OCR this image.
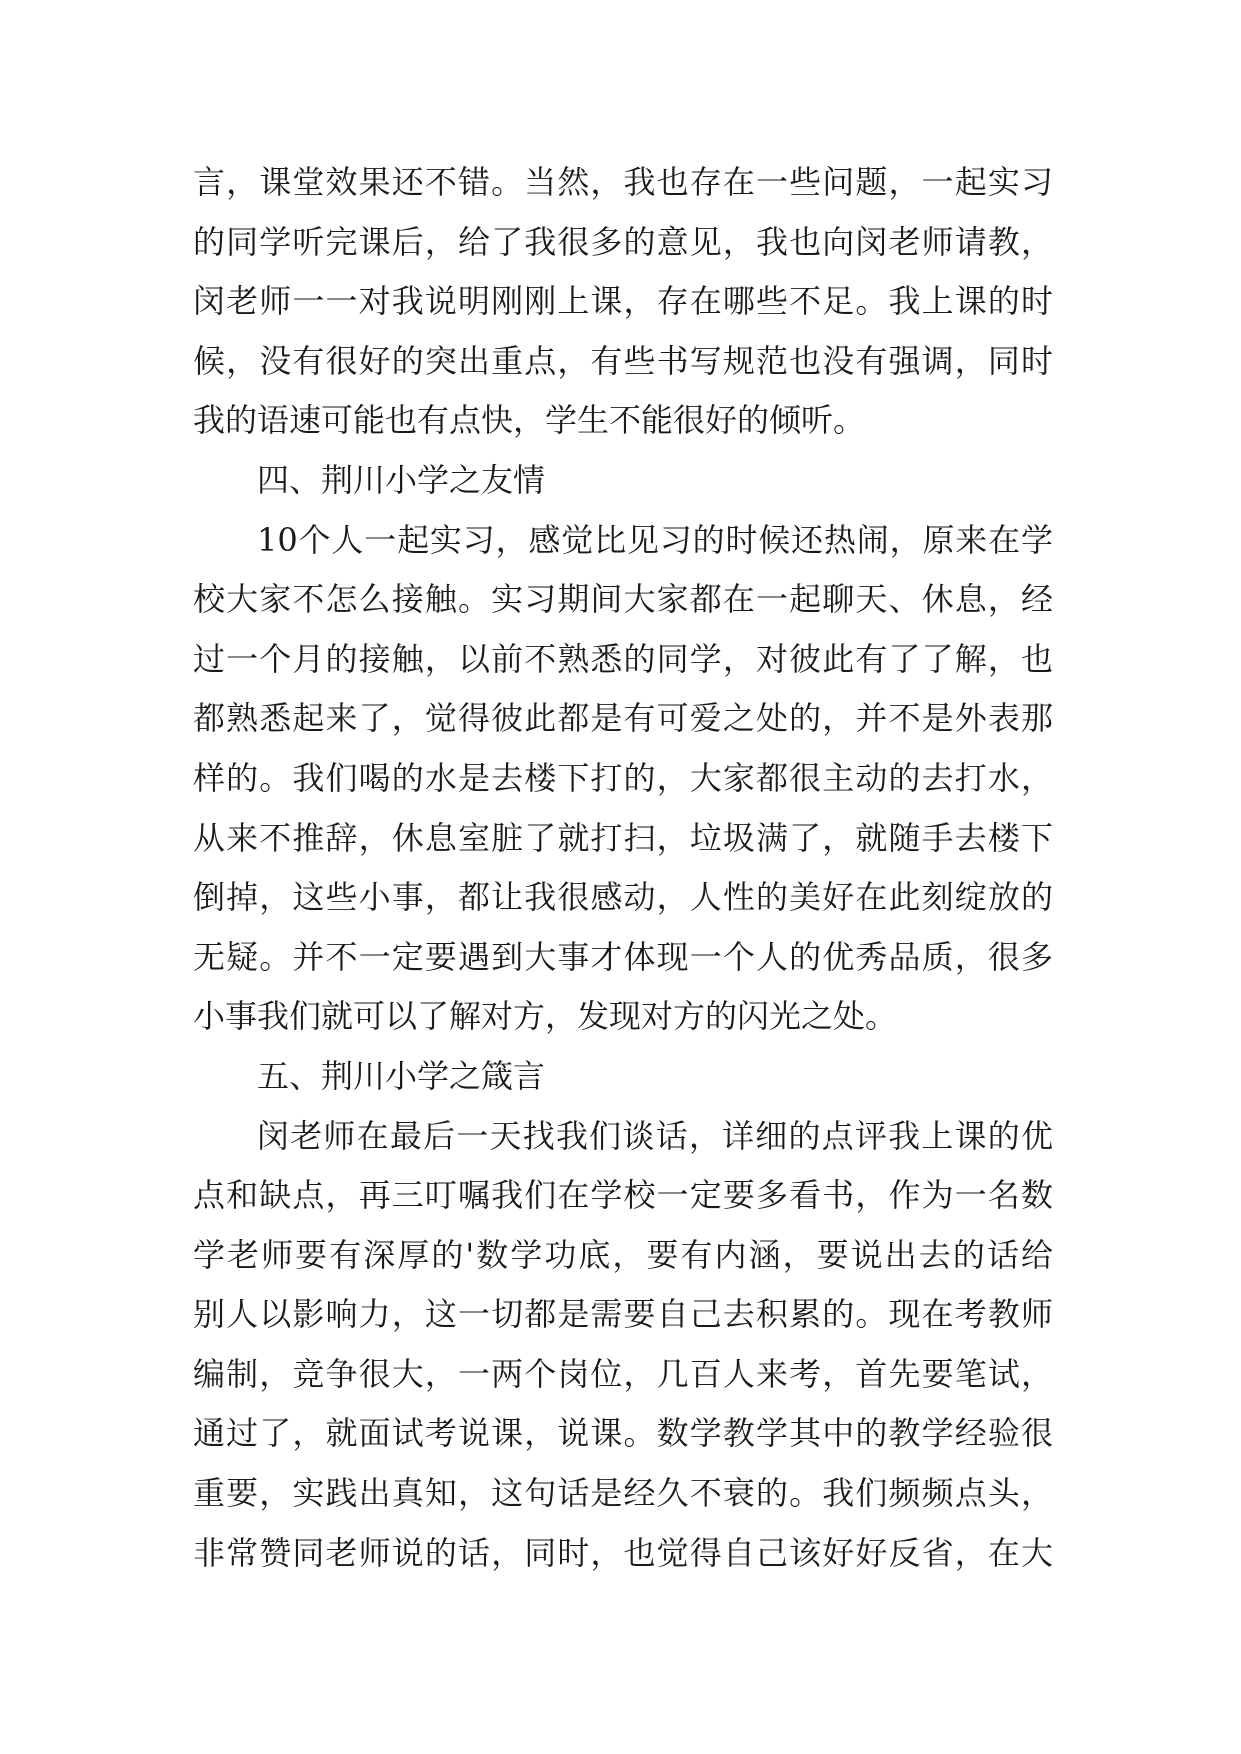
言，课堂效果还不错。当然，我也存在一些问题，一起实习
的同学听完课后，给了我很多的意见，我也向闵老师请教，
闵老师一一对我说明刚刚上课，存在哪些不足。我上课的时
候，没有很好的突出重点，有些书写规范也没有强调，同时
我的语速可能也有点快，学生不能很好的倾听。
四、荆川小学之友情
10个人一起实习，感觉比见习的时候还热闹，原来在学
校大家不怎么接触。实习期间大家都在一起聊天、休息，经
过一个月的接触，以前不熟悉的同学，对彼此有了了解，也
都熟悉起来了，觉得彼此都是有可爱之处的，并不是外表那
样的。我们喝的水是去楼下打的，大家都很主动的去打水，
从来不推辞，休息室脏了就打扫，垃圾满了，就随手去楼下
倒掉，这些小事，都让我很感动，人性的美好在此刻绽放的
无疑。并不一定要遇到大事才体现一个人的优秀品质，很多
小事我们就可以了解对方，发现对方的闪光之处。
五、荆川小学之箴言
闵老师在最后一天找我们谈话，详细的点评我上课的优
点和缺点，再三叮嘱我们在学校一定要多看书，作为一名数
学老师要有深厚的'数学功底，要有内涵，要说出去的话给
别人以影响力，这一切都是需要自己去积累的。现在考教师
编制，竞争很大，一两个岗位，几百人来考，首先要笔试，
通过了，就面试考说课，说课。数学教学其中的教学经验很
重要，实践出真知，这句话是经久不衰的。我们频频点头，
非常赞同老师说的话，同时，也觉得自己该好好反省，在大
